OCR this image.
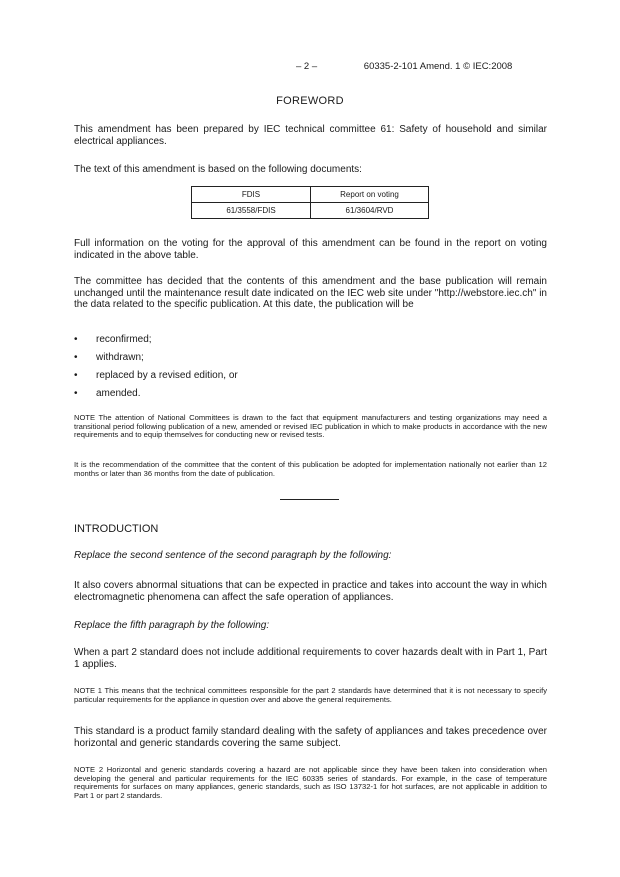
– 2 –	60335-2-101 Amend. 1 © IEC:2008
FOREWORD

This amendment has been prepared by IEC technical committee 61: Safety of household and similar electrical appliances.

The text of this amendment is based on the following documents:

FDIS	Report on voting
61/3558/FDIS	61/3604/RVD

Full information on the voting for the approval of this amendment can be found in the report on voting indicated in the above table.

The committee has decided that the contents of this amendment and the base publication will remain unchanged until the maintenance result date indicated on the IEC web site under "http://webstore.iec.ch" in the data related to the specific publication. At this date, the publication will be

• reconfirmed;
• withdrawn;
• replaced by a revised edition, or
• amended.

NOTE The attention of National Committees is drawn to the fact that equipment manufacturers and testing organizations may need a transitional period following publication of a new, amended or revised IEC publication in which to make products in accordance with the new requirements and to equip themselves for conducting new or revised tests.

It is the recommendation of the committee that the content of this publication be adopted for implementation nationally not earlier than 12 months or later than 36 months from the date of publication.

INTRODUCTION

Replace the second sentence of the second paragraph by the following:

It also covers abnormal situations that can be expected in practice and takes into account the way in which electromagnetic phenomena can affect the safe operation of appliances.

Replace the fifth paragraph by the following:

When a part 2 standard does not include additional requirements to cover hazards dealt with in Part 1, Part 1 applies.

NOTE 1 This means that the technical committees responsible for the part 2 standards have determined that it is not necessary to specify particular requirements for the appliance in question over and above the general requirements.

This standard is a product family standard dealing with the safety of appliances and takes precedence over horizontal and generic standards covering the same subject.

NOTE 2 Horizontal and generic standards covering a hazard are not applicable since they have been taken into consideration when developing the general and particular requirements for the IEC 60335 series of standards. For example, in the case of temperature requirements for surfaces on many appliances, generic standards, such as ISO 13732-1 for hot surfaces, are not applicable in addition to Part 1 or part 2 standards.
